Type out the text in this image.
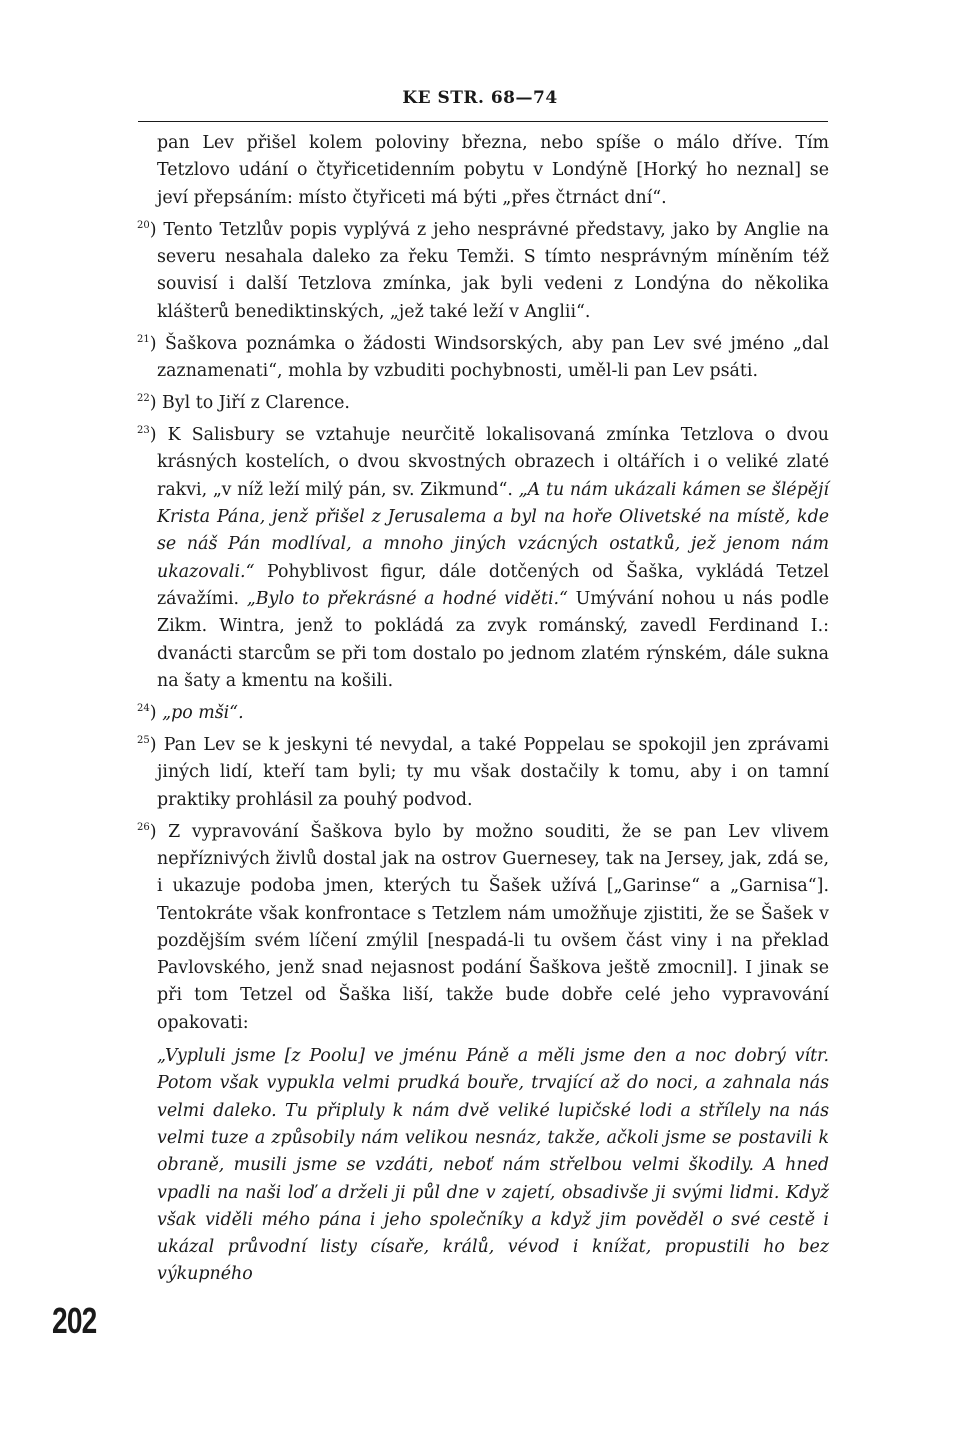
KE STR. 68—74

pan Lev přišel kolem poloviny března, nebo spíše o málo dříve. Tím Tetzlovo udání o čtyřicetidenním pobytu v Londýně [Horký ho neznal] se jeví přepsáním: místo čtyřiceti má býti „přes čtrnáct dní“.

$^{20}$) Tento Tetzlův popis vyplývá z jeho nesprávné představy, jako by Anglie na severu nesahala daleko za řeku Temži. S tímto nesprávným míněním též souvisí i další Tetzlova zmínka, jak byli vedeni z Londýna do několika klášterů benediktinských, „jež také leží v Anglii“.

$^{21}$) Šaškova poznámka o žádosti Windsorských, aby pan Lev své jméno „dal zaznamenati“, mohla by vzbuditi pochybnosti, uměl-li pan Lev psáti.

$^{22}$) Byl to Jiří z Clarence.

$^{23}$) K Salisbury se vztahuje neurčitě lokalisovaná zmínka Tetzlova o dvou krásných kostelích, o dvou skvostných obrazech i oltářích i o veliké zlaté rakvi, „v níž leží milý pán, sv. Zikmund“. „A tu nám ukázali kámen se šlépějí Krista Pána, jenž přišel z Jerusalema a byl na hoře Olivetské na místě, kde se náš Pán modlíval, a mnoho jiných vzácných ostatků, jež jenom nám ukazovali.“ Pohyblivost figur, dále dotčených od Šaška, vykládá Tetzel závažími. „Bylo to překrásné a hodné viděti.“ Umývání nohou u nás podle Zikm. Wintra, jenž to pokládá za zvyk románský, zavedl Ferdinand I.: dvanácti starcům se při tom dostalo po jednom zlatém rýnském, dále sukna na šaty a kmentu na košili.

$^{24}$) „po mši“.

$^{25}$) Pan Lev se k jeskyni té nevydal, a také Poppelau se spokojil jen zprávami jiných lidí, kteří tam byli; ty mu však dostačily k tomu, aby i on tamní praktiky prohlásil za pouhý podvod.

$^{26}$) Z vypravování Šaškova bylo by možno souditi, že se pan Lev vlivem nepříznivých živlů dostal jak na ostrov Guernesey, tak na Jersey, jak, zdá se, i ukazuje podoba jmen, kterých tu Šašek užívá [„Garinse“ a „Garnisa“]. Tentokráte však konfrontace s Tetzlem nám umožňuje zjistiti, že se Šašek v pozdějším svém líčení zmýlil [nespadá-li tu ovšem část viny i na překlad Pavlovského, jenž snad nejasnost podání Šaškova ještě zmocnil]. I jinak se při tom Tetzel od Šaška liší, takže bude dobře celé jeho vypravování opakovati:

„Vypluli jsme [z Poolu] ve jménu Páně a měli jsme den a noc dobrý vítr. Potom však vypukla velmi prudká bouře, trvající až do noci, a zahnala nás velmi daleko. Tu připluly k nám dvě veliké lupičské lodi a střílely na nás velmi tuze a způsobily nám velikou nesnáz, takže, ačkoli jsme se postavili k obraně, musili jsme se vzdáti, neboť nám střelbou velmi škodily. A hned vpadli na naši loď a drželi ji půl dne v zajetí, obsadivše ji svými lidmi. Když však viděli mého pána i jeho společníky a když jim pověděl o své cestě i ukázal průvodní listy císaře, králů, vévod i knížat, propustili ho bez výkupného

202
